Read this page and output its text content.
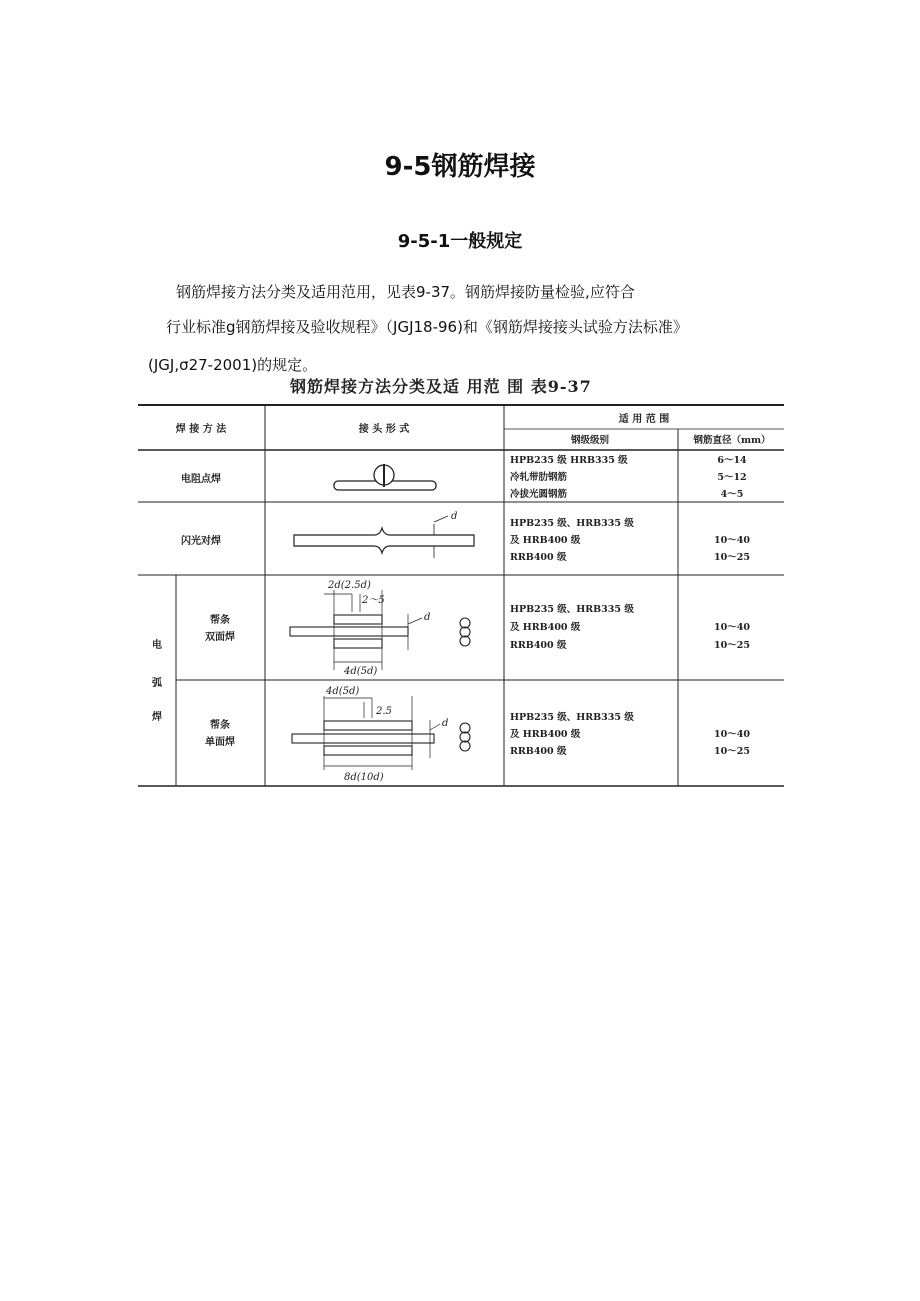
9-5钢筋焊接
9-5-1一般规定
钢筋焊接方法分类及适用范用，见表9-37。钢筋焊接防量检验,应符合
行业标准g钢筋焊接及验收规程》（JGJ18-96)和《钢筋焊接接头试验方法标准》
(JGJ,σ27-2001)的规定。
钢筋焊接方法分类及适 用范 围 表9-37
焊 接 方 法	接 头 形 式
适 用 范 围
钢级级别	钢筋直径（mm）
电阻点焊
HPB235 级 HRB335 级
冷轧带肋钢筋
冷拔光圆钢筋
6～14
5～12
4～5
闪光对焊
d
HPB235 级、HRB335 级
及 HRB400 级
RRB400 级
10～40
10～25
电
弧
焊
帮条
双面焊
2d(2.5d)
2～5
d
4d(5d)
HPB235 级、HRB335 级
及 HRB400 级
RRB400 级
10～40
10～25
帮条
单面焊
4d(5d)
2.5
d
8d(10d)
HPB235 级、HRB335 级
及 HRB400 级
RRB400 级
10～40
10～25
